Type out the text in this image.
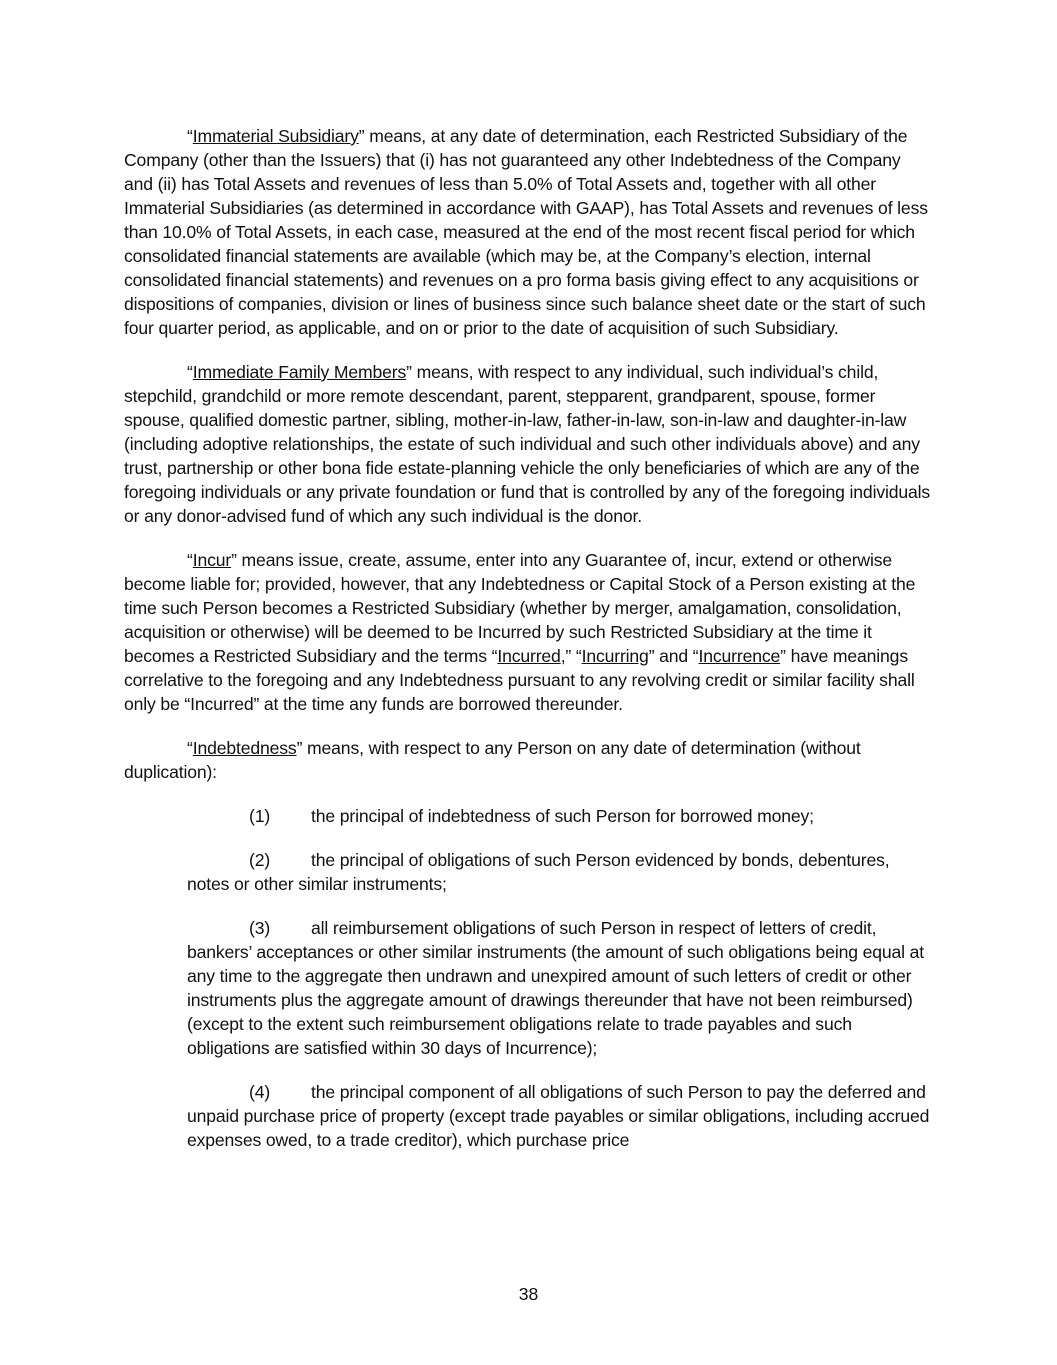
“Immaterial Subsidiary” means, at any date of determination, each Restricted Subsidiary of the Company (other than the Issuers) that (i) has not guaranteed any other Indebtedness of the Company and (ii) has Total Assets and revenues of less than 5.0% of Total Assets and, together with all other Immaterial Subsidiaries (as determined in accordance with GAAP), has Total Assets and revenues of less than 10.0% of Total Assets, in each case, measured at the end of the most recent fiscal period for which consolidated financial statements are available (which may be, at the Company’s election, internal consolidated financial statements) and revenues on a pro forma basis giving effect to any acquisitions or dispositions of companies, division or lines of business since such balance sheet date or the start of such four quarter period, as applicable, and on or prior to the date of acquisition of such Subsidiary.

“Immediate Family Members” means, with respect to any individual, such individual’s child, stepchild, grandchild or more remote descendant, parent, stepparent, grandparent, spouse, former spouse, qualified domestic partner, sibling, mother-in-law, father-in-law, son-in-law and daughter-in-law (including adoptive relationships, the estate of such individual and such other individuals above) and any trust, partnership or other bona fide estate-planning vehicle the only beneficiaries of which are any of the foregoing individuals or any private foundation or fund that is controlled by any of the foregoing individuals or any donor-advised fund of which any such individual is the donor.

“Incur” means issue, create, assume, enter into any Guarantee of, incur, extend or otherwise become liable for; provided, however, that any Indebtedness or Capital Stock of a Person existing at the time such Person becomes a Restricted Subsidiary (whether by merger, amalgamation, consolidation, acquisition or otherwise) will be deemed to be Incurred by such Restricted Subsidiary at the time it becomes a Restricted Subsidiary and the terms “Incurred,” “Incurring” and “Incurrence” have meanings correlative to the foregoing and any Indebtedness pursuant to any revolving credit or similar facility shall only be “Incurred” at the time any funds are borrowed thereunder.

“Indebtedness” means, with respect to any Person on any date of determination (without duplication):

(1) the principal of indebtedness of such Person for borrowed money;

(2) the principal of obligations of such Person evidenced by bonds, debentures, notes or other similar instruments;

(3) all reimbursement obligations of such Person in respect of letters of credit, bankers’ acceptances or other similar instruments (the amount of such obligations being equal at any time to the aggregate then undrawn and unexpired amount of such letters of credit or other instruments plus the aggregate amount of drawings thereunder that have not been reimbursed) (except to the extent such reimbursement obligations relate to trade payables and such obligations are satisfied within 30 days of Incurrence);

(4) the principal component of all obligations of such Person to pay the deferred and unpaid purchase price of property (except trade payables or similar obligations, including accrued expenses owed, to a trade creditor), which purchase price

38
